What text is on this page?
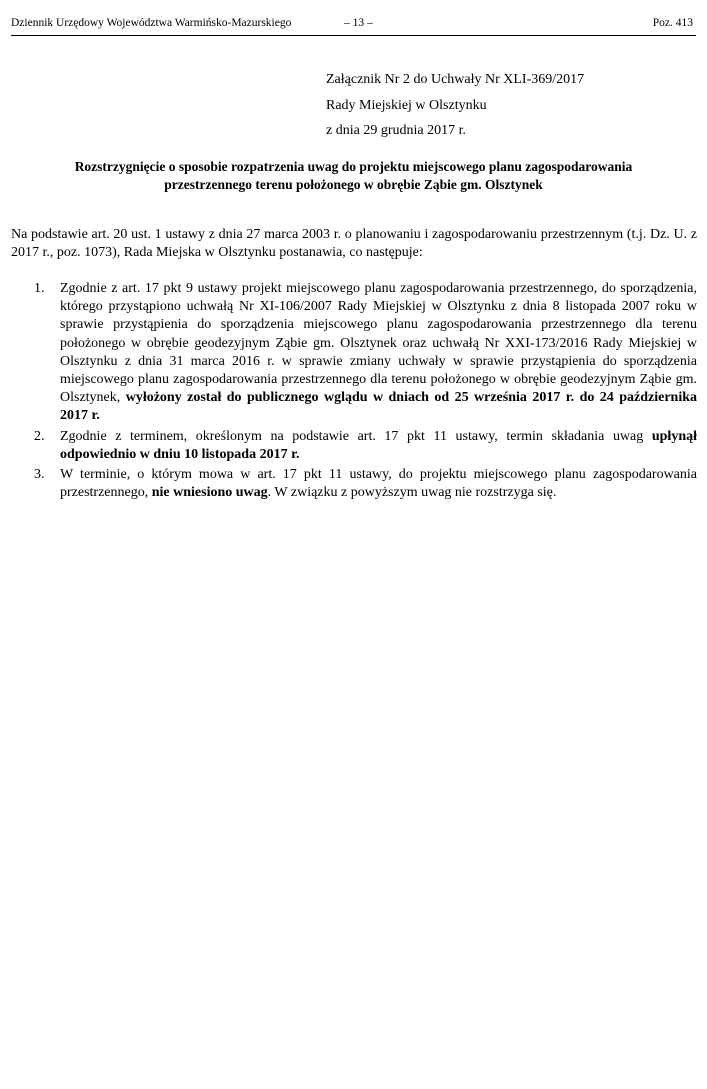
Dziennik Urzędowy Województwa Warmińsko-Mazurskiego	– 13 –	Poz. 413
Załącznik Nr 2 do Uchwały Nr XLI-369/2017
Rady Miejskiej w Olsztynku
z dnia 29 grudnia 2017 r.
Rozstrzygnięcie o sposobie rozpatrzenia uwag do projektu miejscowego planu zagospodarowania
przestrzennego terenu położonego w obrębie Ząbie gm. Olsztynek
Na podstawie art. 20 ust. 1 ustawy z dnia 27 marca 2003 r. o planowaniu i zagospodarowaniu przestrzennym (t.j. Dz. U. z 2017 r., poz. 1073), Rada Miejska w Olsztynku postanawia, co następuje:
1. Zgodnie z art. 17 pkt 9 ustawy projekt miejscowego planu zagospodarowania przestrzennego, do sporządzenia, którego przystąpiono uchwałą Nr XI-106/2007 Rady Miejskiej w Olsztynku z dnia 8 listopada 2007 roku w sprawie przystąpienia do sporządzenia miejscowego planu zagospodarowania przestrzennego dla terenu położonego w obrębie geodezyjnym Ząbie gm. Olsztynek oraz uchwałą Nr XXI-173/2016 Rady Miejskiej w Olsztynku z dnia 31 marca 2016 r. w sprawie zmiany uchwały w sprawie przystąpienia do sporządzenia miejscowego planu zagospodarowania przestrzennego dla terenu położonego w obrębie geodezyjnym Ząbie gm. Olsztynek, wyłożony został do publicznego wglądu w dniach od 25 września 2017 r. do 24 października 2017 r.
2. Zgodnie z terminem, określonym na podstawie art. 17 pkt 11 ustawy, termin składania uwag upłynął odpowiednio w dniu 10 listopada 2017 r.
3. W terminie, o którym mowa w art. 17 pkt 11 ustawy, do projektu miejscowego planu zagospodarowania przestrzennego, nie wniesiono uwag. W związku z powyższym uwag nie rozstrzyga się.
